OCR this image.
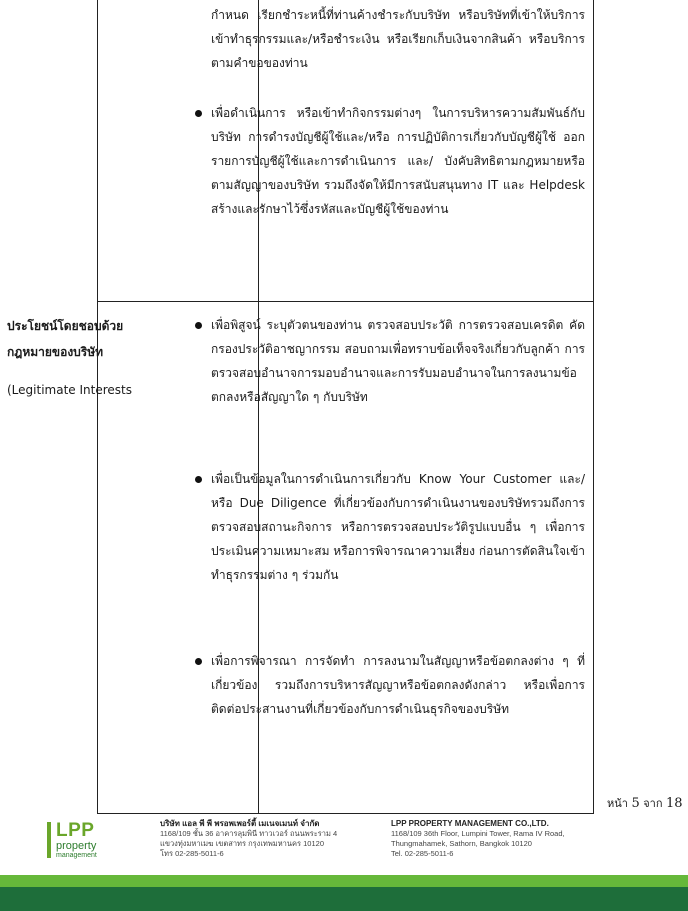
กำหนด เรียกชำระหนี้ที่ท่านค้างชำระกับบริษัท หรือบริษัทที่เข้าให้บริการ เข้าทำธุรกรรมและ/หรือชำระเงิน หรือเรียกเก็บเงินจากสินค้า หรือบริการตามคำขอของท่าน

เพื่อดำเนินการ หรือเข้าทำกิจกรรมต่างๆ ในการบริหารความสัมพันธ์กับบริษัท การดำรงบัญชีผู้ใช้และ/หรือ การปฏิบัติการเกี่ยวกับบัญชีผู้ใช้ ออกรายการบัญชีผู้ใช้และการดำเนินการ และ/ บังคับสิทธิตามกฎหมายหรือตามสัญญาของบริษัท รวมถึงจัดให้มีการสนับสนุนทาง IT และ Helpdesk สร้างและรักษาไว้ซึ่งรหัสและบัญชีผู้ใช้ของท่าน
ประโยชน์โดยชอบด้วย
กฎหมายของบริษัท
(Legitimate Interests
เพื่อพิสูจน์ ระบุตัวตนของท่าน ตรวจสอบประวัติ การตรวจสอบเครดิต คัดกรองประวัติอาชญากรรม สอบถามเพื่อทราบข้อเท็จจริงเกี่ยวกับลูกค้า การตรวจสอบอำนาจการมอบอำนาจและการรับมอบอำนาจในการลงนามข้อตกลงหรือสัญญาใด ๆ กับบริษัท
เพื่อเป็นข้อมูลในการดำเนินการเกี่ยวกับ Know Your Customer และ/หรือ Due Diligence ที่เกี่ยวข้องกับการดำเนินงานของบริษัทรวมถึงการตรวจสอบสถานะกิจการ หรือการตรวจสอบประวัติรูปแบบอื่น ๆ เพื่อการประเมินความเหมาะสม หรือการพิจารณาความเสี่ยง ก่อนการตัดสินใจเข้าทำธุรกรรมต่าง ๆ ร่วมกัน
เพื่อการพิจารณา การจัดทำ การลงนามในสัญญาหรือข้อตกลงต่าง ๆ ที่เกี่ยวข้อง รวมถึงการบริหารสัญญาหรือข้อตกลงดังกล่าว หรือเพื่อการติดต่อประสานงานที่เกี่ยวข้องกับการดำเนินธุรกิจของบริษัท
หน้า 5 จาก 18
LPP
property
management
บริษัท แอล พี พี พรอพเพอร์ตี้ เมเนจเมนท์ จำกัด
1168/109 ชั้น 36 อาคารลุมพินี ทาวเวอร์ ถนนพระราม 4
แขวงทุ่งมหาเมฆ เขตสาทร กรุงเทพมหานคร 10120
โทร 02-285-5011-6
LPP PROPERTY MANAGEMENT CO.,LTD.
1168/109 36th Floor, Lumpini Tower, Rama IV Road,
Thungmahamek, Sathorn, Bangkok 10120
Tel. 02-285-5011-6
